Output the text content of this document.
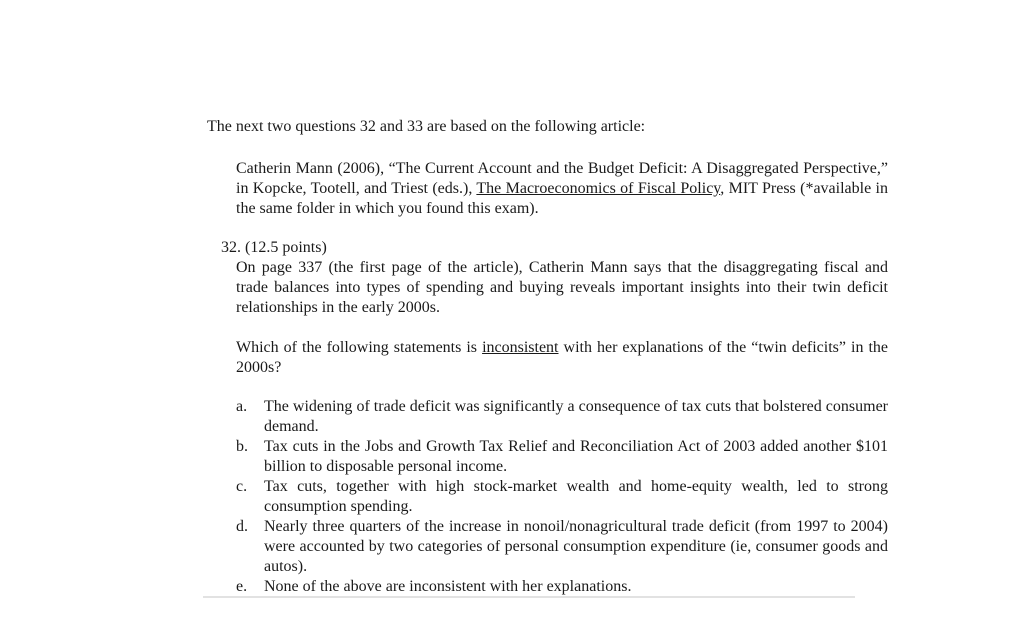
The next two questions 32 and 33 are based on the following article:
Catherin Mann (2006), “The Current Account and the Budget Deficit: A Disaggregated Perspective,” in Kopcke, Tootell, and Triest (eds.), The Macroeconomics of Fiscal Policy, MIT Press (*available in the same folder in which you found this exam).
32. (12.5 points)
On page 337 (the first page of the article), Catherin Mann says that the disaggregating fiscal and trade balances into types of spending and buying reveals important insights into their twin deficit relationships in the early 2000s.
Which of the following statements is inconsistent with her explanations of the “twin deficits” in the 2000s?
a.	The widening of trade deficit was significantly a consequence of tax cuts that bolstered consumer demand.
b.	Tax cuts in the Jobs and Growth Tax Relief and Reconciliation Act of 2003 added another $101 billion to disposable personal income.
c.	Tax cuts, together with high stock-market wealth and home-equity wealth, led to strong consumption spending.
d.	Nearly three quarters of the increase in nonoil/nonagricultural trade deficit (from 1997 to 2004) were accounted by two categories of personal consumption expenditure (ie, consumer goods and autos).
e.	None of the above are inconsistent with her explanations.
